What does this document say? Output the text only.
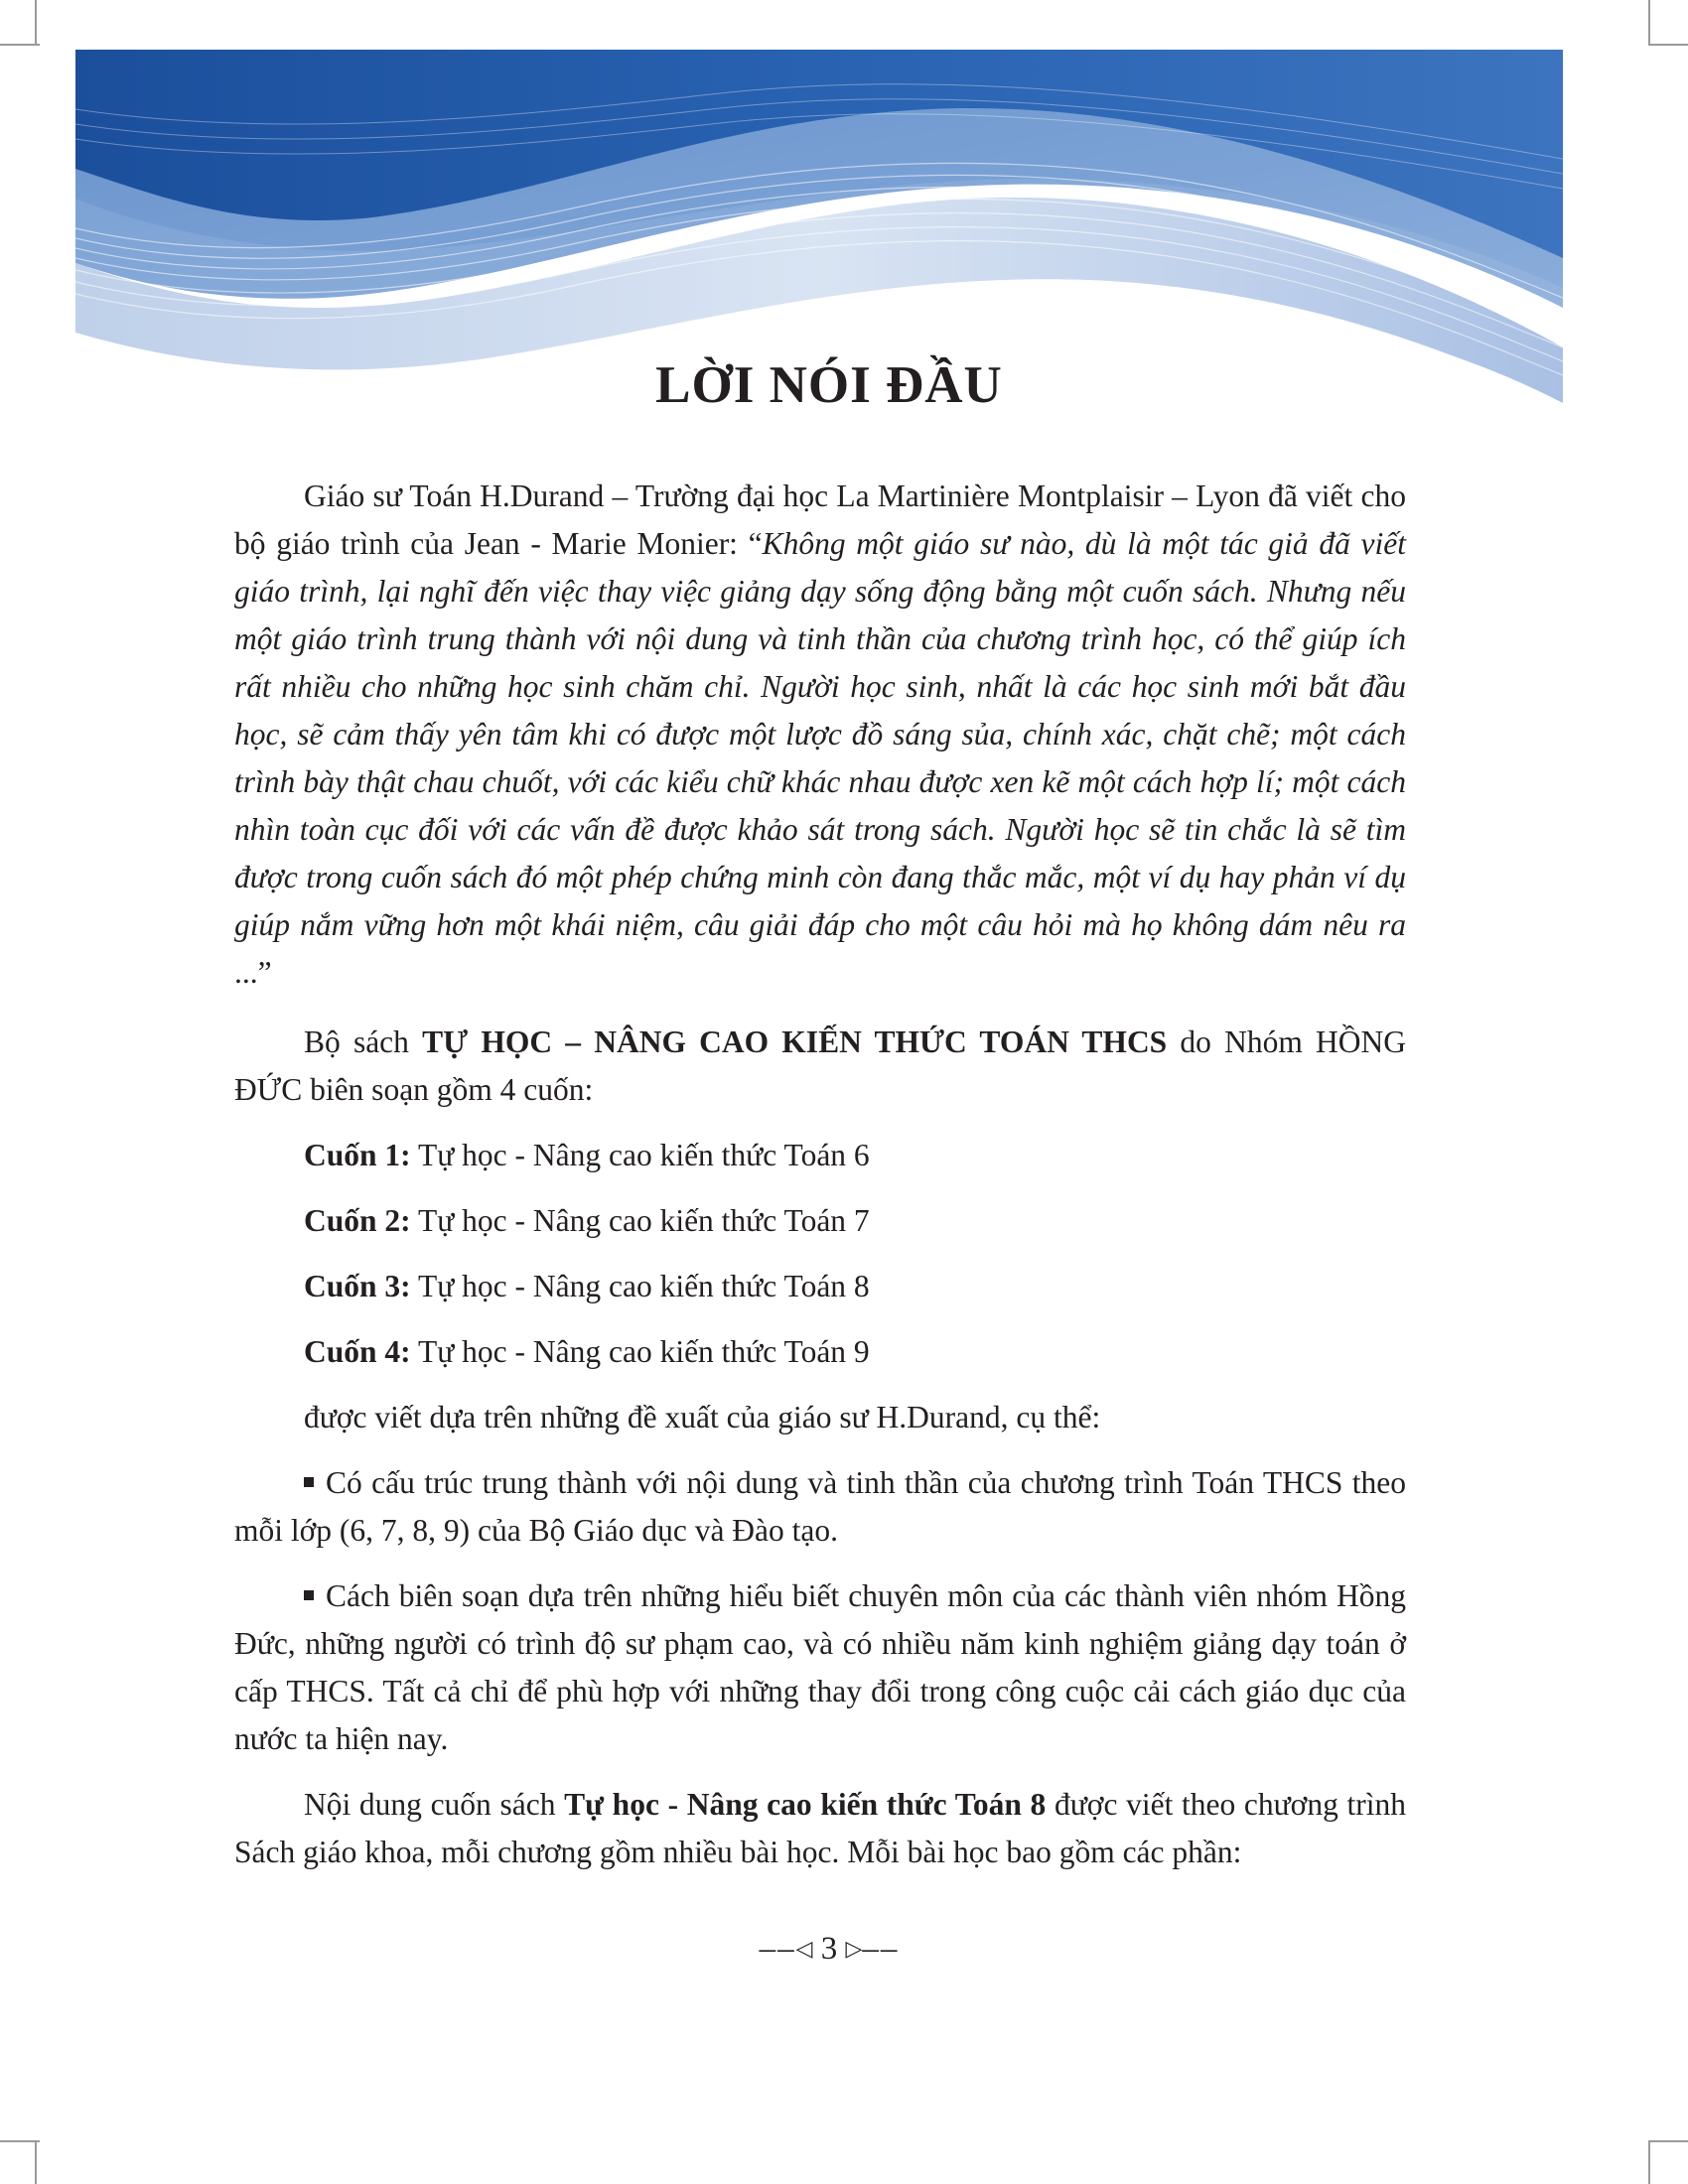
LỜI NÓI ĐẦU

Giáo sư Toán H.Durand – Trường đại học La Martinière Montplaisir – Lyon đã viết cho bộ giáo trình của Jean - Marie Monier: “Không một giáo sư nào, dù là một tác giả đã viết giáo trình, lại nghĩ đến việc thay việc giảng dạy sống động bằng một cuốn sách. Nhưng nếu một giáo trình trung thành với nội dung và tinh thần của chương trình học, có thể giúp ích rất nhiều cho những học sinh chăm chỉ. Người học sinh, nhất là các học sinh mới bắt đầu học, sẽ cảm thấy yên tâm khi có được một lược đồ sáng sủa, chính xác, chặt chẽ; một cách trình bày thật chau chuốt, với các kiểu chữ khác nhau được xen kẽ một cách hợp lí; một cách nhìn toàn cục đối với các vấn đề được khảo sát trong sách. Người học sẽ tin chắc là sẽ tìm được trong cuốn sách đó một phép chứng minh còn đang thắc mắc, một ví dụ hay phản ví dụ giúp nắm vững hơn một khái niệm, câu giải đáp cho một câu hỏi mà họ không dám nêu ra ...”

Bộ sách TỰ HỌC – NÂNG CAO KIẾN THỨC TOÁN THCS do Nhóm HỒNG ĐỨC biên soạn gồm 4 cuốn:

Cuốn 1: Tự học - Nâng cao kiến thức Toán 6

Cuốn 2: Tự học - Nâng cao kiến thức Toán 7

Cuốn 3: Tự học - Nâng cao kiến thức Toán 8

Cuốn 4: Tự học - Nâng cao kiến thức Toán 9

được viết dựa trên những đề xuất của giáo sư H.Durand, cụ thể:

Có cấu trúc trung thành với nội dung và tinh thần của chương trình Toán THCS theo mỗi lớp (6, 7, 8, 9) của Bộ Giáo dục và Đào tạo.

Cách biên soạn dựa trên những hiểu biết chuyên môn của các thành viên nhóm Hồng Đức, những người có trình độ sư phạm cao, và có nhiều năm kinh nghiệm giảng dạy toán ở cấp THCS. Tất cả chỉ để phù hợp với những thay đổi trong công cuộc cải cách giáo dục của nước ta hiện nay.

Nội dung cuốn sách Tự học - Nâng cao kiến thức Toán 8 được viết theo chương trình Sách giáo khoa, mỗi chương gồm nhiều bài học. Mỗi bài học bao gồm các phần:

––◁ 3 ▷––
